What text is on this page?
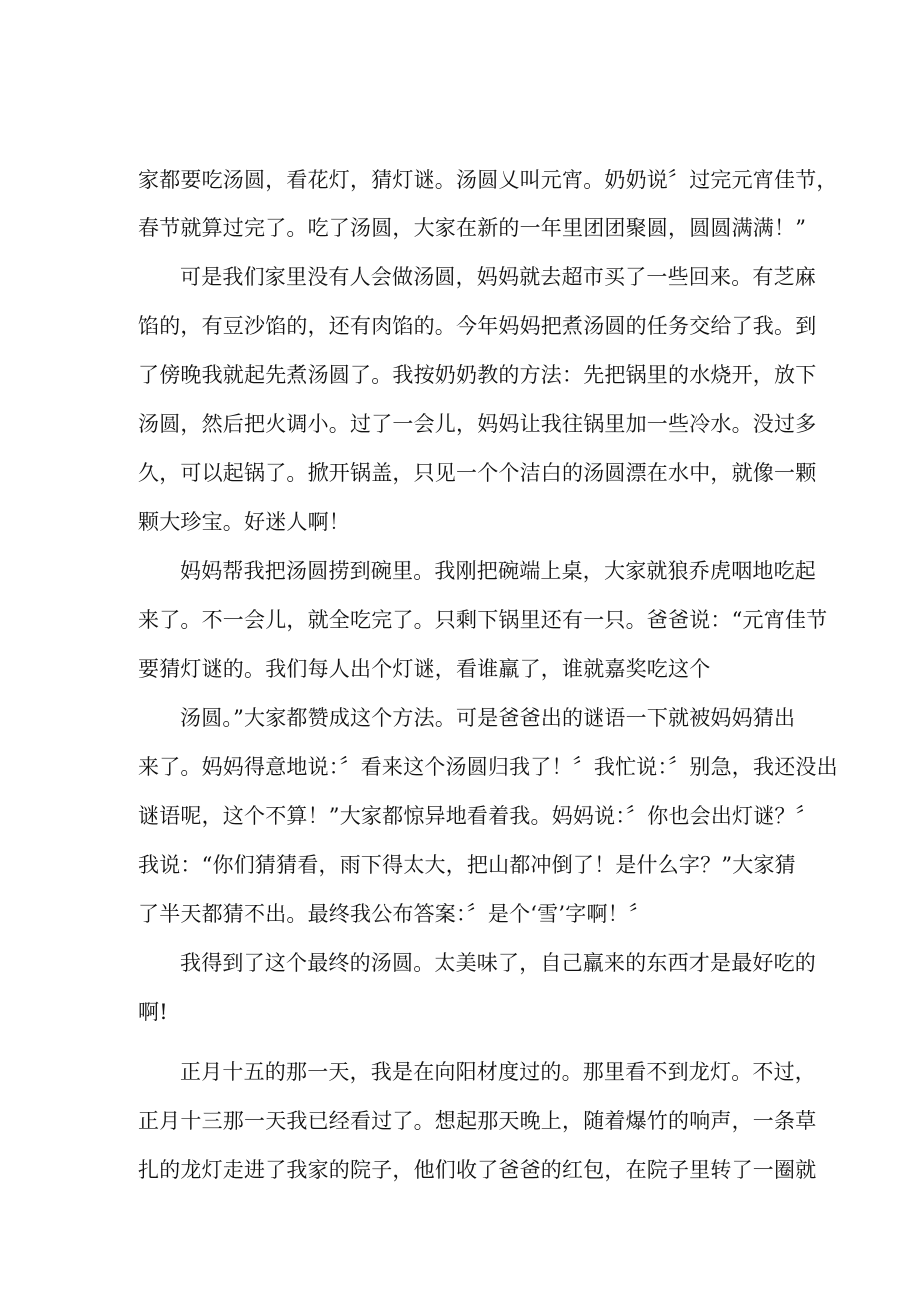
家都要吃汤圆，看花灯，猜灯谜。汤圆乂叫元宵。奶奶说〞过完元宵佳节，
春节就算过完了。吃了汤圆，大家在新的一年里团团聚圆，圆圆满满！”
可是我们家里没有人会做汤圆，妈妈就去超市买了一些回来。有芝麻
馅的，有豆沙馅的，还有肉馅的。今年妈妈把煮汤圆的任务交给了我。到
了傍晚我就起先煮汤圆了。我按奶奶教的方法：先把锅里的水烧开，放下
汤圆，然后把火调小。过了一会儿，妈妈让我往锅里加一些冷水。没过多
久，可以起锅了。掀开锅盖，只见一个个洁白的汤圆漂在水中，就像一颗
颗大珍宝。好迷人啊！
妈妈帮我把汤圆捞到碗里。我刚把碗端上桌，大家就狼乔虎咽地吃起
来了。不一会儿，就全吃完了。只剩下锅里还有一只。爸爸说：“元宵佳节
要猜灯谜的。我们每人出个灯谜，看谁羸了，谁就嘉奖吃这个
汤圆。”大家都赞成这个方法。可是爸爸出的谜语一下就被妈妈猜出
来了。妈妈得意地说：〞看来这个汤圆归我了！〞我忙说：〞别急，我还没出
谜语呢，这个不算！”大家都惊异地看着我。妈妈说：〞你也会出灯谜？〞
我说：“你们猜猜看，雨下得太大，把山都冲倒了！是什么字？”大家猜
了半天都猜不出。最终我公布答案：〞是个‘雪’字啊！〞
我得到了这个最终的汤圆。太美味了，自己羸来的东西才是最好吃的
啊!
正月十五的那一天，我是在向阳材度过的。那里看不到龙灯。不过，
正月十三那一天我已经看过了。想起那天晚上，随着爆竹的响声，一条草
扎的龙灯走进了我家的院子，他们收了爸爸的红包，在院子里转了一圈就
